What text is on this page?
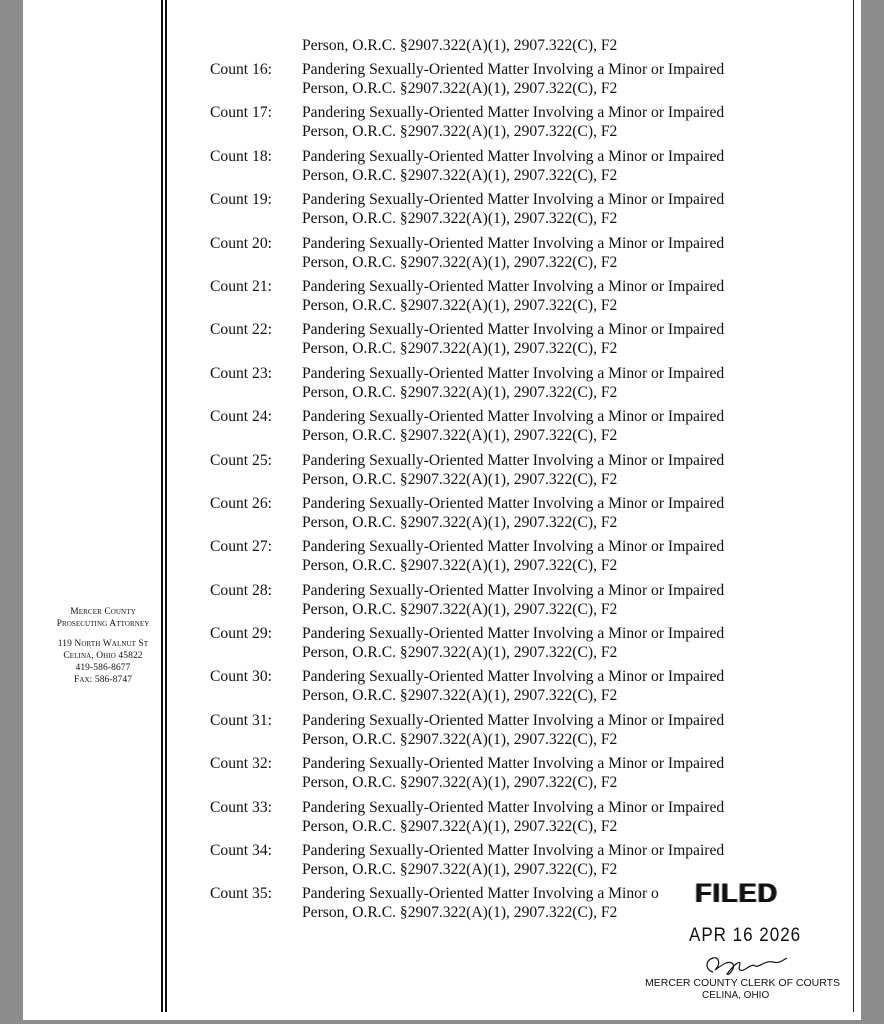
Mercer County
Prosecuting Attorney
119 North Walnut St
Celina, Ohio 45822
419-586-8677
Fax: 586-8747
Person, O.R.C. §2907.322(A)(1), 2907.322(C), F2
Count 16:	Pandering Sexually-Oriented Matter Involving a Minor or Impaired
Person, O.R.C. §2907.322(A)(1), 2907.322(C), F2
Count 17:	Pandering Sexually-Oriented Matter Involving a Minor or Impaired
Person, O.R.C. §2907.322(A)(1), 2907.322(C), F2
Count 18:	Pandering Sexually-Oriented Matter Involving a Minor or Impaired
Person, O.R.C. §2907.322(A)(1), 2907.322(C), F2
Count 19:	Pandering Sexually-Oriented Matter Involving a Minor or Impaired
Person, O.R.C. §2907.322(A)(1), 2907.322(C), F2
Count 20:	Pandering Sexually-Oriented Matter Involving a Minor or Impaired
Person, O.R.C. §2907.322(A)(1), 2907.322(C), F2
Count 21:	Pandering Sexually-Oriented Matter Involving a Minor or Impaired
Person, O.R.C. §2907.322(A)(1), 2907.322(C), F2
Count 22:	Pandering Sexually-Oriented Matter Involving a Minor or Impaired
Person, O.R.C. §2907.322(A)(1), 2907.322(C), F2
Count 23:	Pandering Sexually-Oriented Matter Involving a Minor or Impaired
Person, O.R.C. §2907.322(A)(1), 2907.322(C), F2
Count 24:	Pandering Sexually-Oriented Matter Involving a Minor or Impaired
Person, O.R.C. §2907.322(A)(1), 2907.322(C), F2
Count 25:	Pandering Sexually-Oriented Matter Involving a Minor or Impaired
Person, O.R.C. §2907.322(A)(1), 2907.322(C), F2
Count 26:	Pandering Sexually-Oriented Matter Involving a Minor or Impaired
Person, O.R.C. §2907.322(A)(1), 2907.322(C), F2
Count 27:	Pandering Sexually-Oriented Matter Involving a Minor or Impaired
Person, O.R.C. §2907.322(A)(1), 2907.322(C), F2
Count 28:	Pandering Sexually-Oriented Matter Involving a Minor or Impaired
Person, O.R.C. §2907.322(A)(1), 2907.322(C), F2
Count 29:	Pandering Sexually-Oriented Matter Involving a Minor or Impaired
Person, O.R.C. §2907.322(A)(1), 2907.322(C), F2
Count 30:	Pandering Sexually-Oriented Matter Involving a Minor or Impaired
Person, O.R.C. §2907.322(A)(1), 2907.322(C), F2
Count 31:	Pandering Sexually-Oriented Matter Involving a Minor or Impaired
Person, O.R.C. §2907.322(A)(1), 2907.322(C), F2
Count 32:	Pandering Sexually-Oriented Matter Involving a Minor or Impaired
Person, O.R.C. §2907.322(A)(1), 2907.322(C), F2
Count 33:	Pandering Sexually-Oriented Matter Involving a Minor or Impaired
Person, O.R.C. §2907.322(A)(1), 2907.322(C), F2
Count 34:	Pandering Sexually-Oriented Matter Involving a Minor or Impaired
Person, O.R.C. §2907.322(A)(1), 2907.322(C), F2
Count 35:	Pandering Sexually-Oriented Matter Involving a Minor o
Person, O.R.C. §2907.322(A)(1), 2907.322(C), F2
FILED
APR 16 2026
MERCER COUNTY CLERK OF COURTS
CELINA, OHIO
